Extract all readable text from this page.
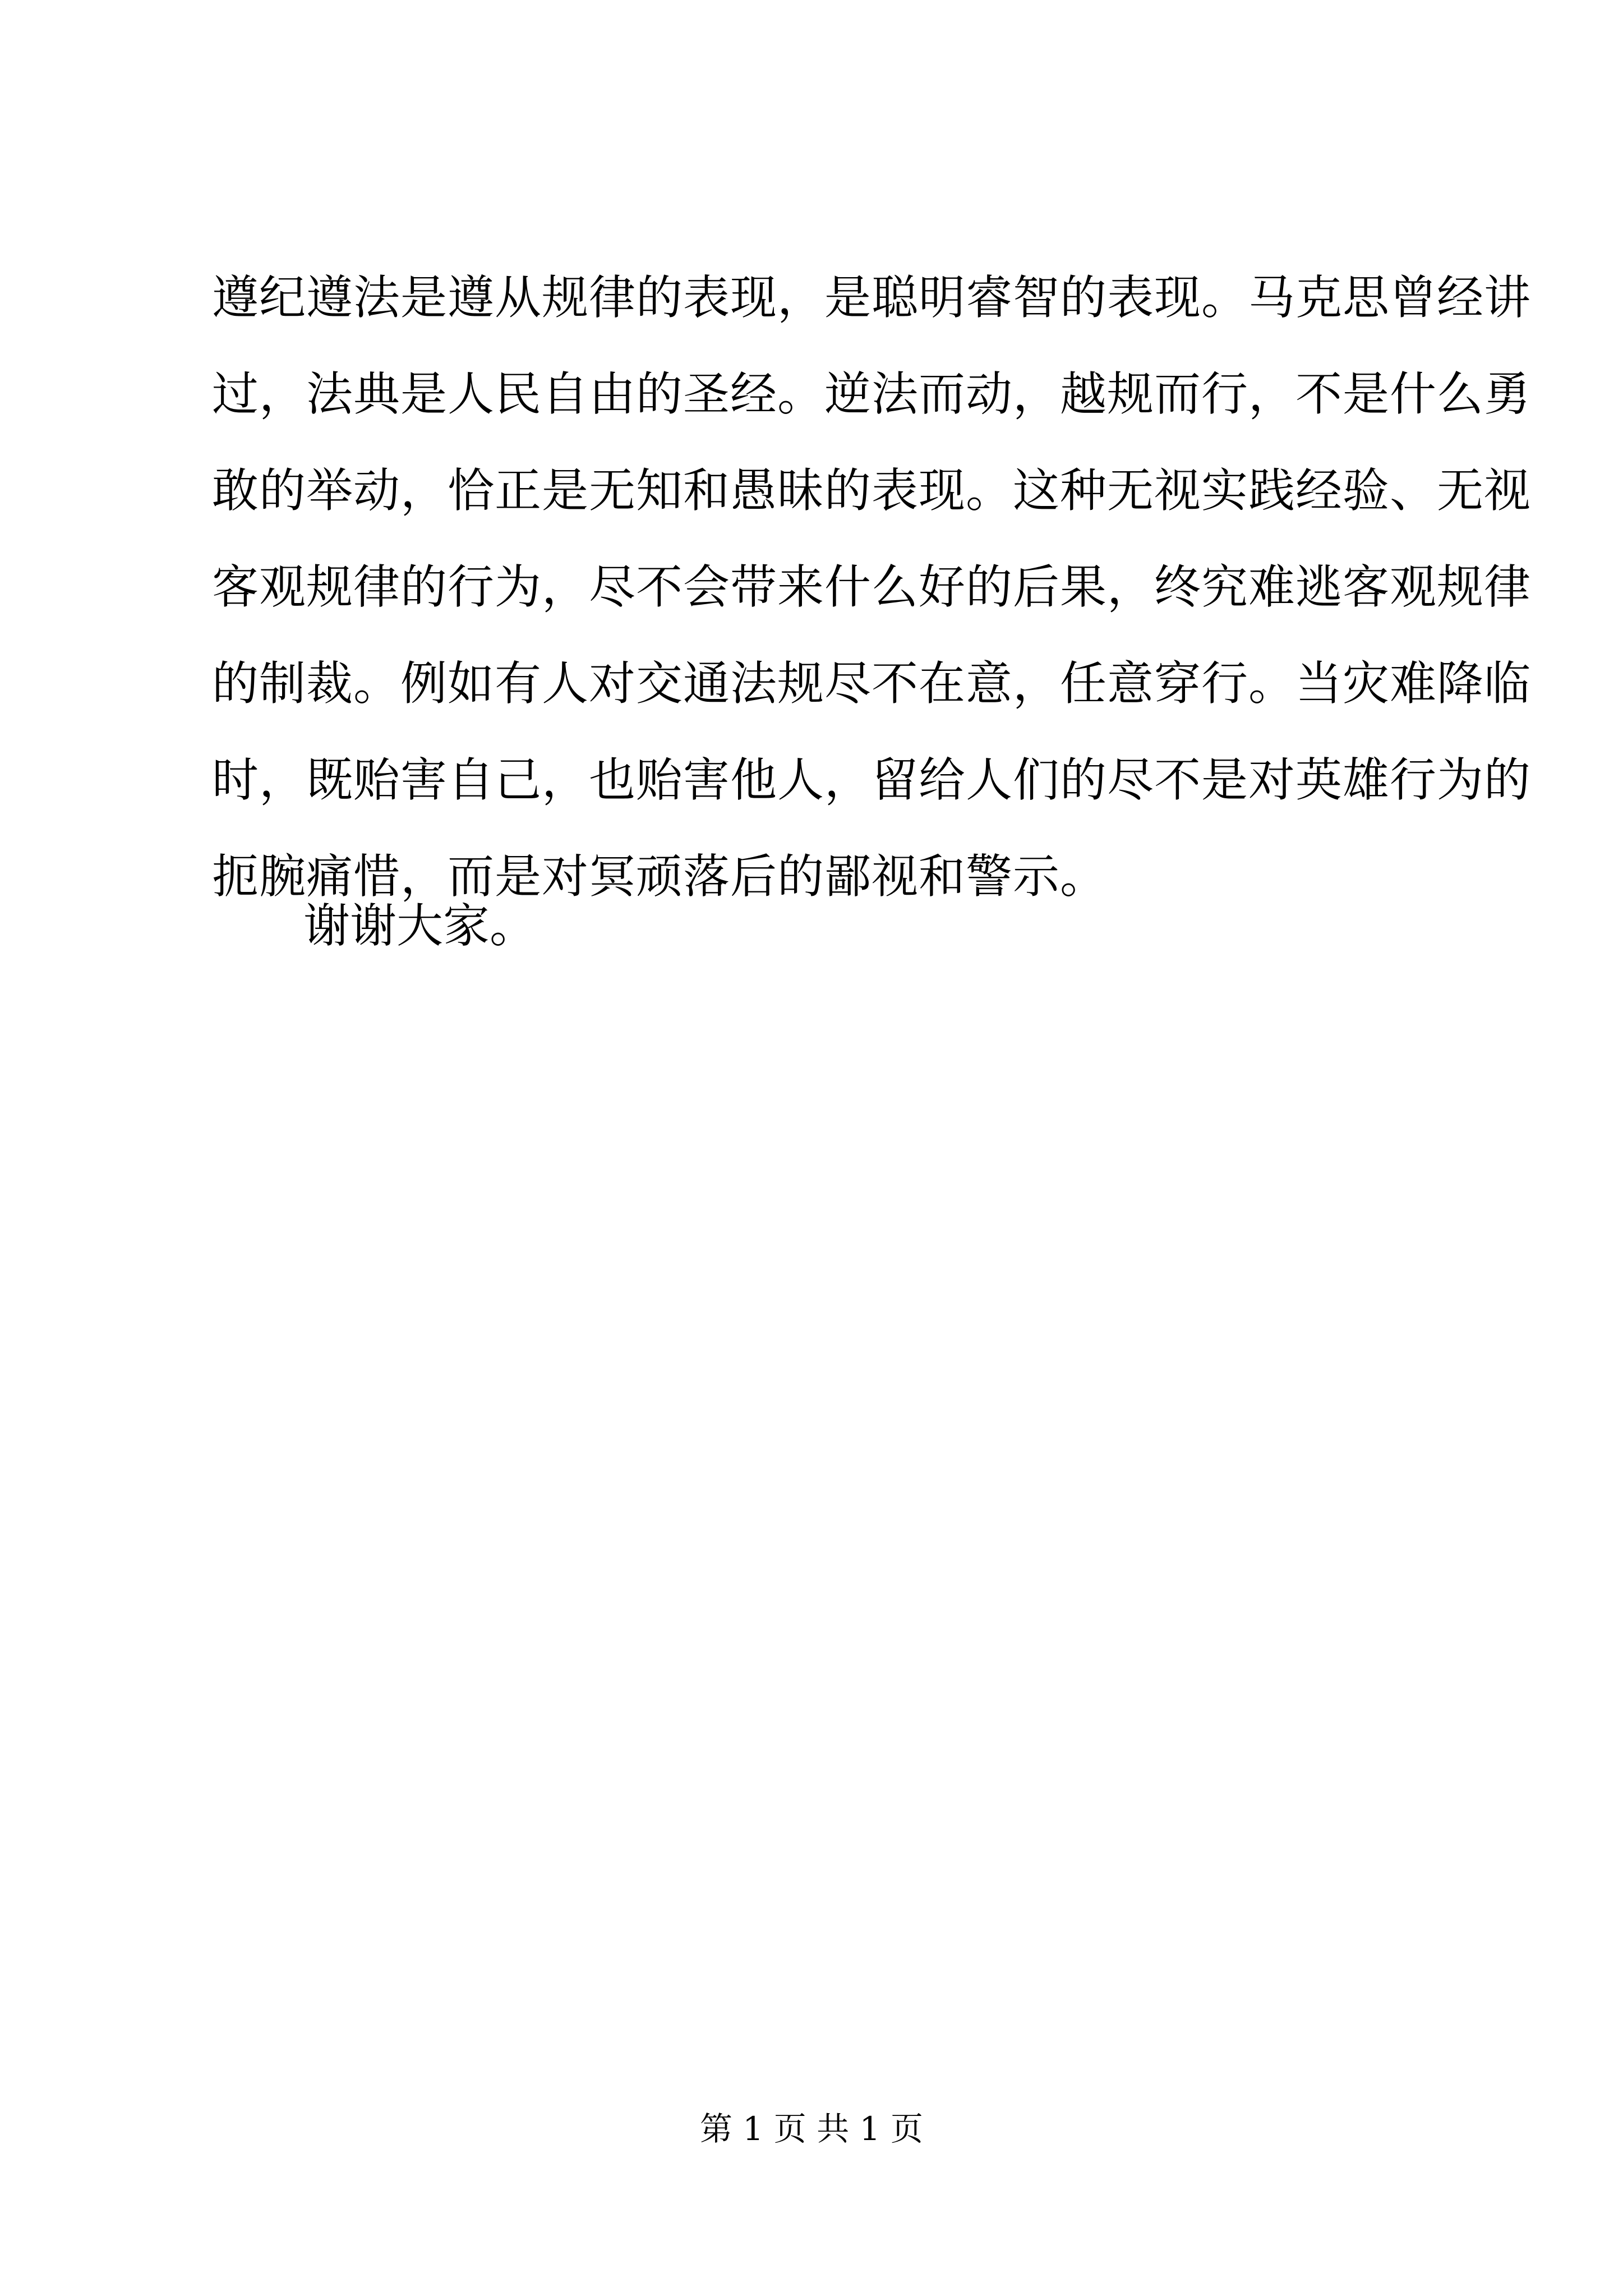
遵纪遵法是遵从规律的表现，是聪明睿智的表现。马克思曾经讲
过，法典是人民自由的圣经。逆法而动，越规而行，不是什么勇
敢的举动，恰正是无知和愚昧的表现。这种无视实践经验、无视
客观规律的行为，尽不会带来什么好的后果，终究难逃客观规律
的制裁。例如有人对交通法规尽不在意，任意穿行。当灾难降临
时，既贻害自己，也贻害他人，留给人们的尽不是对英雄行为的
扼腕痛惜，而是对冥顽落后的鄙视和警示。
谢谢大家。
第 1 页 共 1 页
